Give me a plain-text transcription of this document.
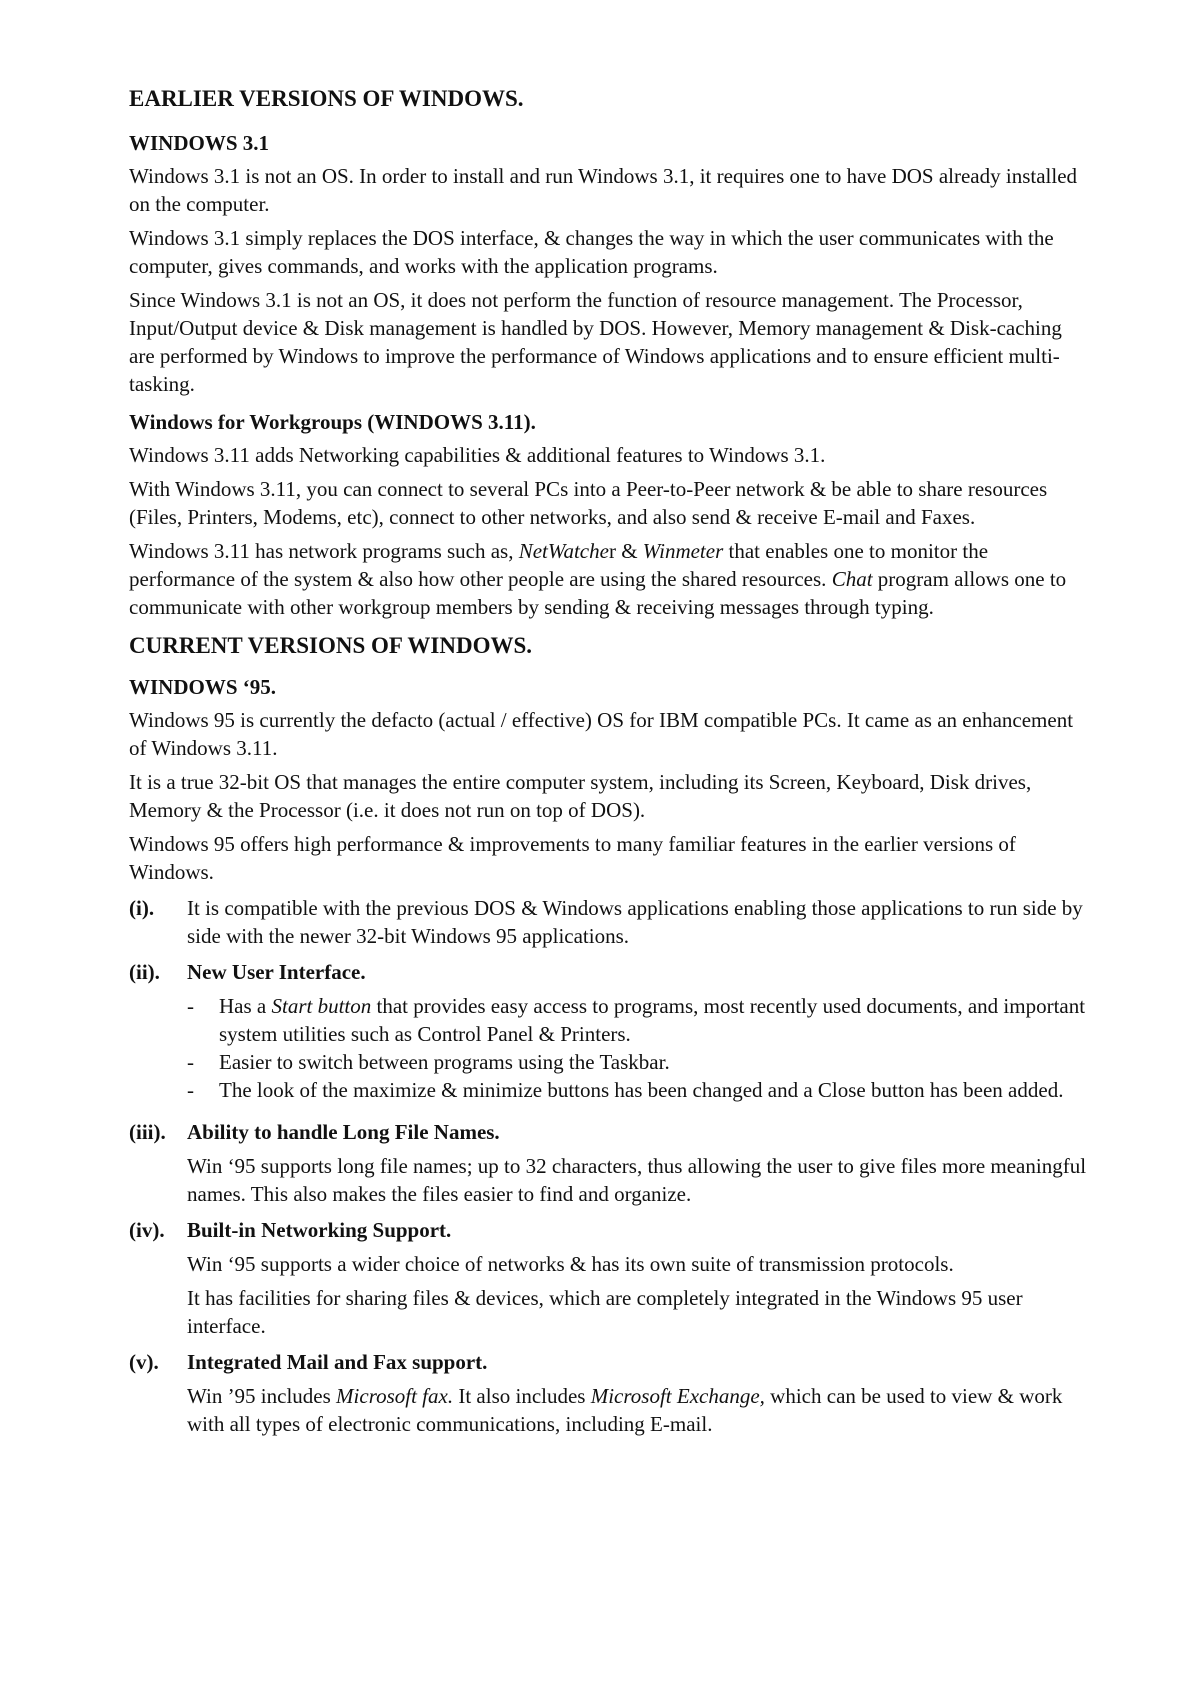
EARLIER VERSIONS OF WINDOWS.
WINDOWS 3.1

Windows 3.1 is not an OS. In order to install and run Windows 3.1, it requires one to have DOS already installed on the computer.

Windows 3.1 simply replaces the DOS interface, & changes the way in which the user communicates with the computer, gives commands, and works with the application programs.

Since Windows 3.1 is not an OS, it does not perform the function of resource management. The Processor, Input/Output device & Disk management is handled by DOS. However, Memory management & Disk-caching are performed by Windows to improve the performance of Windows applications and to ensure efficient multi-tasking.

Windows for Workgroups (WINDOWS 3.11).

Windows 3.11 adds Networking capabilities & additional features to Windows 3.1.

With Windows 3.11, you can connect to several PCs into a Peer-to-Peer network & be able to share resources (Files, Printers, Modems, etc), connect to other networks, and also send & receive E-mail and Faxes.

Windows 3.11 has network programs such as, NetWatcher & Winmeter that enables one to monitor the performance of the system & also how other people are using the shared resources. Chat program allows one to communicate with other workgroup members by sending & receiving messages through typing.

CURRENT VERSIONS OF WINDOWS.
WINDOWS ‘95.

Windows 95 is currently the defacto (actual / effective) OS for IBM compatible PCs. It came as an enhancement of Windows 3.11.

It is a true 32-bit OS that manages the entire computer system, including its Screen, Keyboard, Disk drives, Memory & the Processor (i.e. it does not run on top of DOS).

Windows 95 offers high performance & improvements to many familiar features in the earlier versions of Windows.

(i).	It is compatible with the previous DOS & Windows applications enabling those applications to run side by side with the newer 32-bit Windows 95 applications.

(ii).	New User Interface.
- Has a Start button that provides easy access to programs, most recently used documents, and important system utilities such as Control Panel & Printers.
- Easier to switch between programs using the Taskbar.
- The look of the maximize & minimize buttons has been changed and a Close button has been added.
(iii).	Ability to handle Long File Names.

Win ‘95 supports long file names; up to 32 characters, thus allowing the user to give files more meaningful names. This also makes the files easier to find and organize.

(iv).	Built-in Networking Support.

Win ‘95 supports a wider choice of networks & has its own suite of transmission protocols.

It has facilities for sharing files & devices, which are completely integrated in the Windows 95 user interface.

(v).	Integrated Mail and Fax support.

Win ’95 includes Microsoft fax. It also includes Microsoft Exchange, which can be used to view & work with all types of electronic communications, including E-mail.
